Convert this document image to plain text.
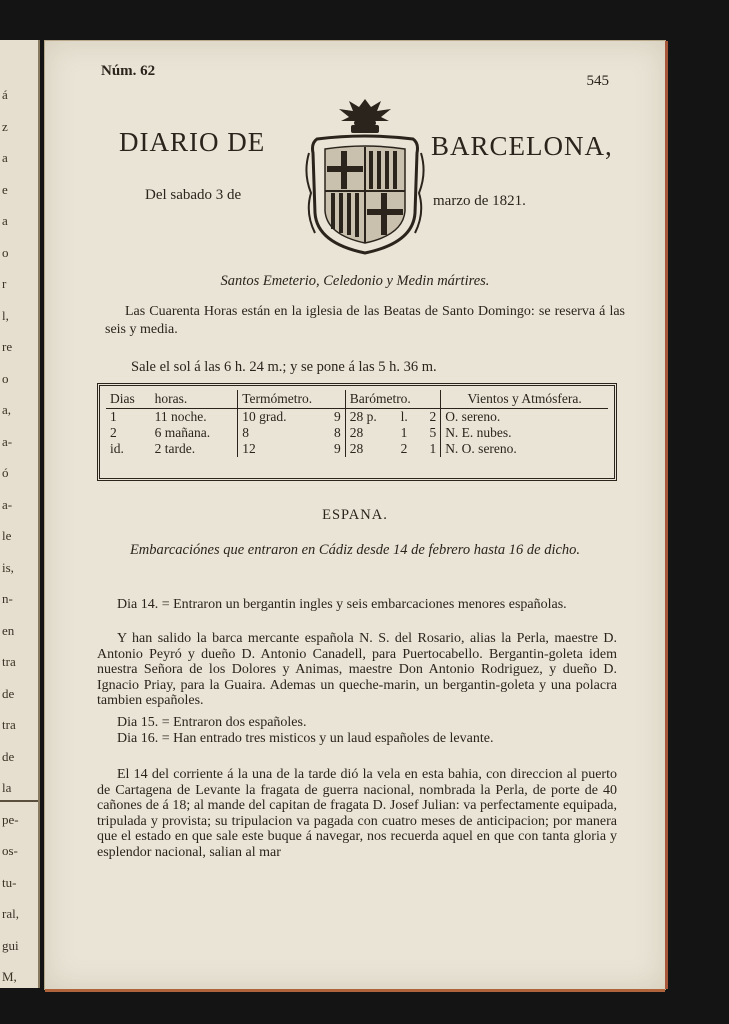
á
z
a
e
a
o
r
l,
re
o
a,
a-
ó
a-
le
is,
n-
en
tra
de
tra
de
la
pe-
os-
tu-
ral,
gui
M,
Núm. 62
545
DIARIO DE	BARCELONA,
Del sabado 3 de	marzo de 1821.
Santos Emeterio, Celedonio y Medin mártires.
Las Cuarenta Horas están en la iglesia de las Beatas de Santo Domingo: se reserva á las seis y media.
Sale el sol á las 6 h. 24 m.; y se pone á las 5 h. 36 m.
Dias	horas.	Termómetro.		Barómetro.			Vientos y Atmósfera.
1	11 noche.	10 grad.	9	28 p.	l.	2	O. sereno.
2	6 mañana.	8	8	28	1	5	N. E. nubes.
id.	2 tarde.	12	9	28	2	1	N. O. sereno.
ESPANA.
Embarcaciónes que entraron en Cádiz desde 14 de febrero hasta 16 de dicho.
Dia 14. = Entraron un bergantin ingles y seis embarcaciones menores españolas.
Y han salido la barca mercante española N. S. del Rosario, alias la Perla, maestre D. Antonio Peyró y dueño D. Antonio Canadell, para Puertocabello. Bergantin-goleta idem nuestra Señora de los Dolores y Animas, maestre Don Antonio Rodriguez, y dueño D. Ignacio Priay, para la Guaira. Ademas un queche-marin, un bergantin-goleta y una polacra tambien españoles.
Dia 15. = Entraron dos españoles.
Dia 16. = Han entrado tres misticos y un laud españoles de levante.
El 14 del corriente á la una de la tarde dió la vela en esta bahia, con direccion al puerto de Cartagena de Levante la fragata de guerra nacional, nombrada la Perla, de porte de 40 cañones de á 18; al mande del capitan de fragata D. Josef Julian: va perfectamente equipada, tripulada y provista; su tripulacion va pagada con cuatro meses de anticipacion; por manera que el estado en que sale este buque á navegar, nos recuerda aquel en que con tanta gloria y esplendor nacional, salian al mar
